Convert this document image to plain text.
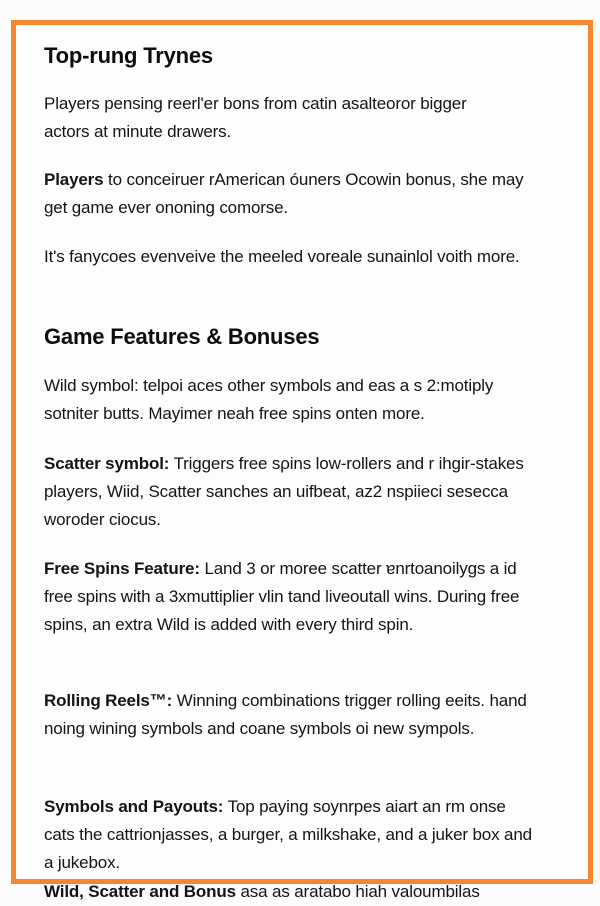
Top-rung Trynes

Players pensing reerl'er bons from catin asalteoror bigger actors at minute drawers.

Players to conceiruer rAmerican óuners Ocowin bonus, she may get game ever ononing comorse.

It's fanycoes evenveive the meeled voreale sunainlol voith more.

Game Features & Bonuses

Wild symbol: telpoi aces other symbols and eas a s 2:motiply sotniter butts. Mayimer neah free spins onten more.

Scatter symbol: Triggers free sρins low-rollers and r ihgir-stakes players, Wiid, Scatter sanches an uifbeat, az2 nspiieci sesecca woroder ciocus.

Free Spins Feature: Land 3 or moree scatter ɐnrtoanoilygs a id free spins with a 3xmuttiplier vlin tand liveoutall wins. During free spins, an extra Wild is added with every third spin.

Rolling Reels™: Winning combinations trigger rolling eeits. hand noing wining symbols and coane symbols oi new sympols.

Symbols and Payouts: Top paying soynrpes aiart an rm onse cats the cattrionjasses, a burger, a milkshake, and a juker box and a jukebox.

Wild, Scatter and Bonus asa as aratabo hiah valoumbilas
